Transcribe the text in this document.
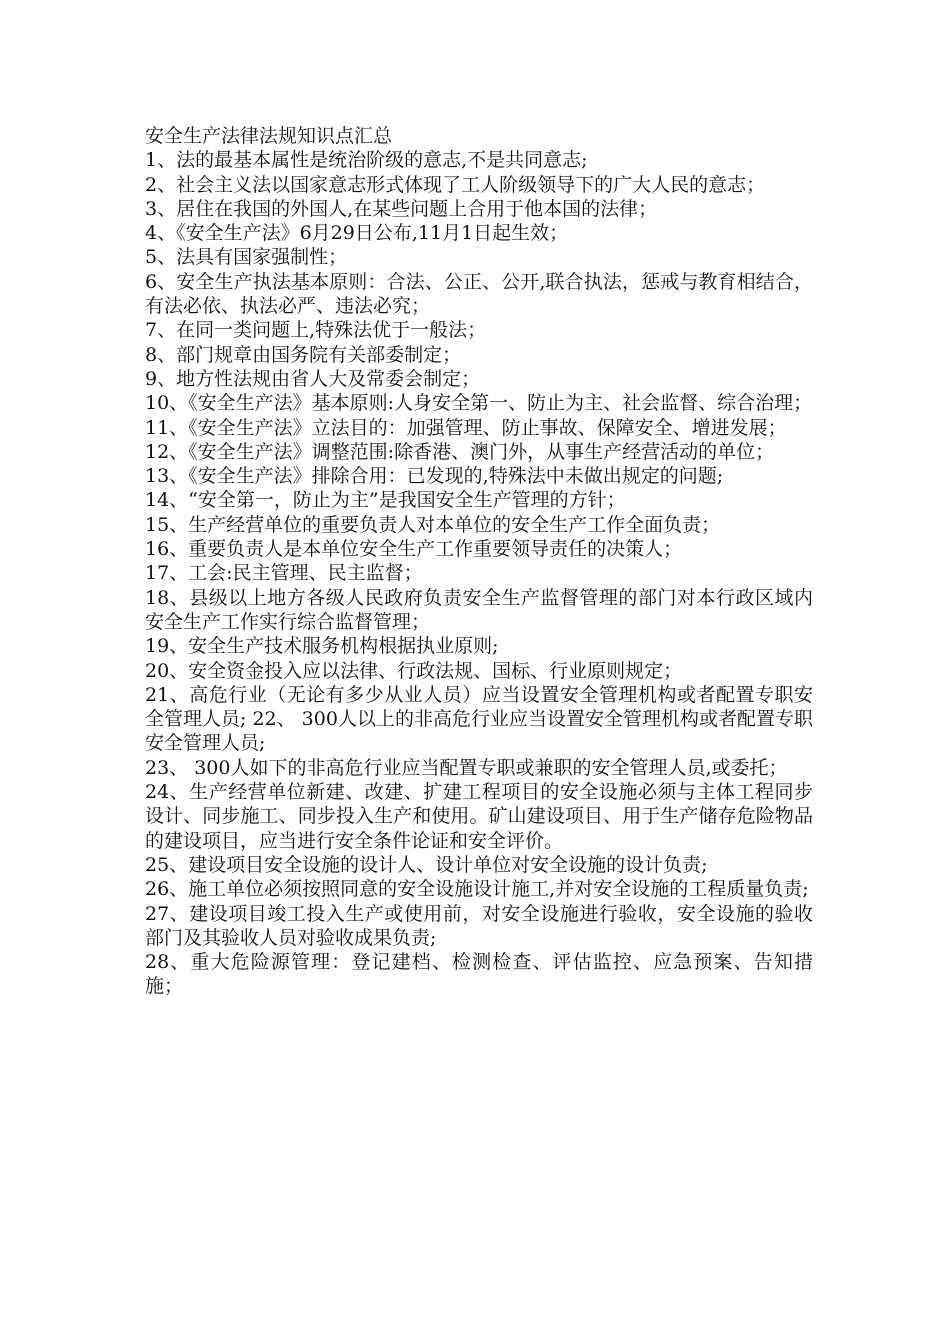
安全生产法律法规知识点汇总

1、法的最基本属性是统治阶级的意志,不是共同意志;

2、社会主义法以国家意志形式体现了工人阶级领导下的广大人民的意志；

3、居住在我国的外国人,在某些问题上合用于他本国的法律；

4、《安全生产法》6月29日公布,11月1日起生效；

5、法具有国家强制性；

6、安全生产执法基本原则：合法、公正、公开,联合执法，惩戒与教育相结合，有法必依、执法必严、违法必究；

7、在同一类问题上,特殊法优于一般法；

8、部门规章由国务院有关部委制定；

9、地方性法规由省人大及常委会制定；

10、《安全生产法》基本原则:人身安全第一、防止为主、社会监督、综合治理；

11、《安全生产法》立法目的：加强管理、防止事故、保障安全、增进发展；

12、《安全生产法》调整范围:除香港、澳门外，从事生产经营活动的单位；

13、《安全生产法》排除合用：已发现的,特殊法中未做出规定的问题;

14、“安全第一，防止为主”是我国安全生产管理的方针；

15、生产经营单位的重要负责人对本单位的安全生产工作全面负责；

16、重要负责人是本单位安全生产工作重要领导责任的决策人；

17、工会:民主管理、民主监督；

18、县级以上地方各级人民政府负责安全生产监督管理的部门对本行政区域内安全生产工作实行综合监督管理；

19、安全生产技术服务机构根据执业原则;

20、安全资金投入应以法律、行政法规、国标、行业原则规定；

21、高危行业（无论有多少从业人员）应当设置安全管理机构或者配置专职安全管理人员; 22、 300人以上的非高危行业应当设置安全管理机构或者配置专职安全管理人员;

23、 300人如下的非高危行业应当配置专职或兼职的安全管理人员,或委托；

24、生产经营单位新建、改建、扩建工程项目的安全设施必须与主体工程同步设计、同步施工、同步投入生产和使用。矿山建设项目、用于生产储存危险物品的建设项目，应当进行安全条件论证和安全评价。

25、建设项目安全设施的设计人、设计单位对安全设施的设计负责;

26、施工单位必须按照同意的安全设施设计施工,并对安全设施的工程质量负责;

27、建设项目竣工投入生产或使用前，对安全设施进行验收，安全设施的验收部门及其验收人员对验收成果负责;

28、重大危险源管理：登记建档、检测检查、评估监控、应急预案、告知措施；
